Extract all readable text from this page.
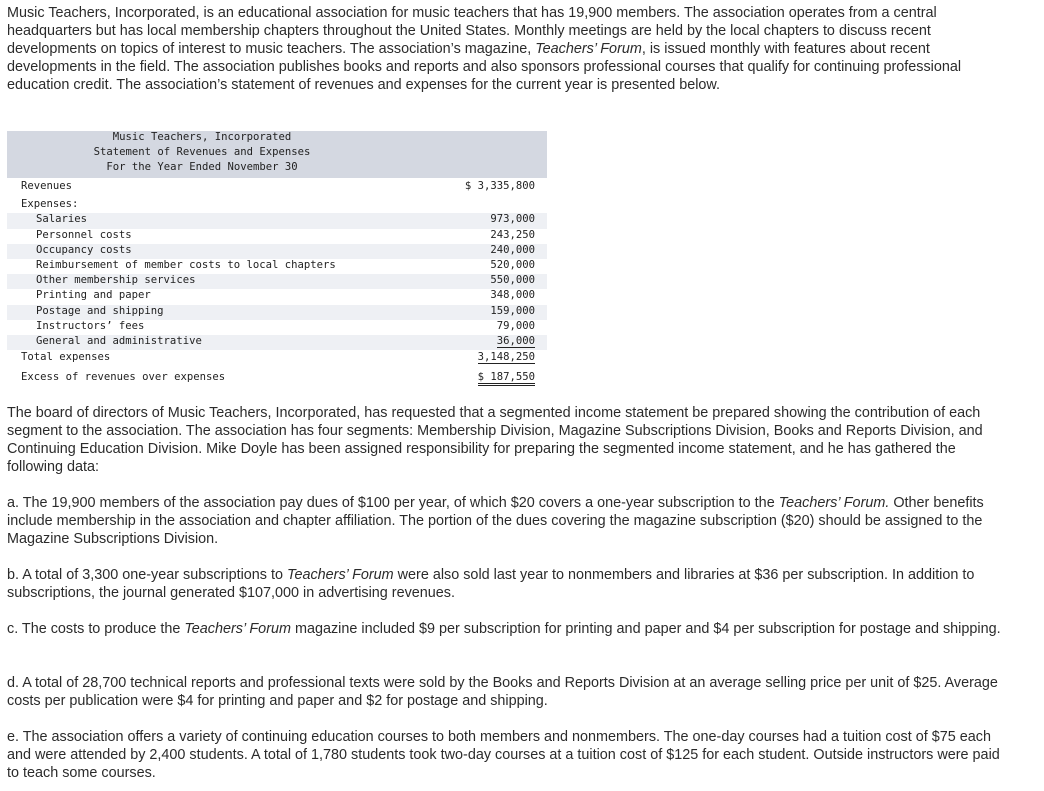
Music Teachers, Incorporated, is an educational association for music teachers that has 19,900 members. The association operates from a central headquarters but has local membership chapters throughout the United States. Monthly meetings are held by the local chapters to discuss recent developments on topics of interest to music teachers. The association’s magazine, Teachers’ Forum, is issued monthly with features about recent developments in the field. The association publishes books and reports and also sponsors professional courses that qualify for continuing professional education credit. The association’s statement of revenues and expenses for the current year is presented below.

Music Teachers, Incorporated
Statement of Revenues and Expenses
For the Year Ended November 30
Revenues	$ 3,335,800
Expenses:
Salaries	973,000
Personnel costs	243,250
Occupancy costs	240,000
Reimbursement of member costs to local chapters	520,000
Other membership services	550,000
Printing and paper	348,000
Postage and shipping	159,000
Instructors’ fees	79,000
General and administrative	36,000
Total expenses	3,148,250
Excess of revenues over expenses	$ 187,550

The board of directors of Music Teachers, Incorporated, has requested that a segmented income statement be prepared showing the contribution of each segment to the association. The association has four segments: Membership Division, Magazine Subscriptions Division, Books and Reports Division, and Continuing Education Division. Mike Doyle has been assigned responsibility for preparing the segmented income statement, and he has gathered the following data:

a. The 19,900 members of the association pay dues of $100 per year, of which $20 covers a one-year subscription to the Teachers’ Forum. Other benefits include membership in the association and chapter affiliation. The portion of the dues covering the magazine subscription ($20) should be assigned to the Magazine Subscriptions Division.

b. A total of 3,300 one-year subscriptions to Teachers’ Forum were also sold last year to nonmembers and libraries at $36 per subscription. In addition to subscriptions, the journal generated $107,000 in advertising revenues.

c. The costs to produce the Teachers’ Forum magazine included $9 per subscription for printing and paper and $4 per subscription for postage and shipping.

d. A total of 28,700 technical reports and professional texts were sold by the Books and Reports Division at an average selling price per unit of $25. Average costs per publication were $4 for printing and paper and $2 for postage and shipping.

e. The association offers a variety of continuing education courses to both members and nonmembers. The one-day courses had a tuition cost of $75 each and were attended by 2,400 students. A total of 1,780 students took two-day courses at a tuition cost of $125 for each student. Outside instructors were paid to teach some courses.
